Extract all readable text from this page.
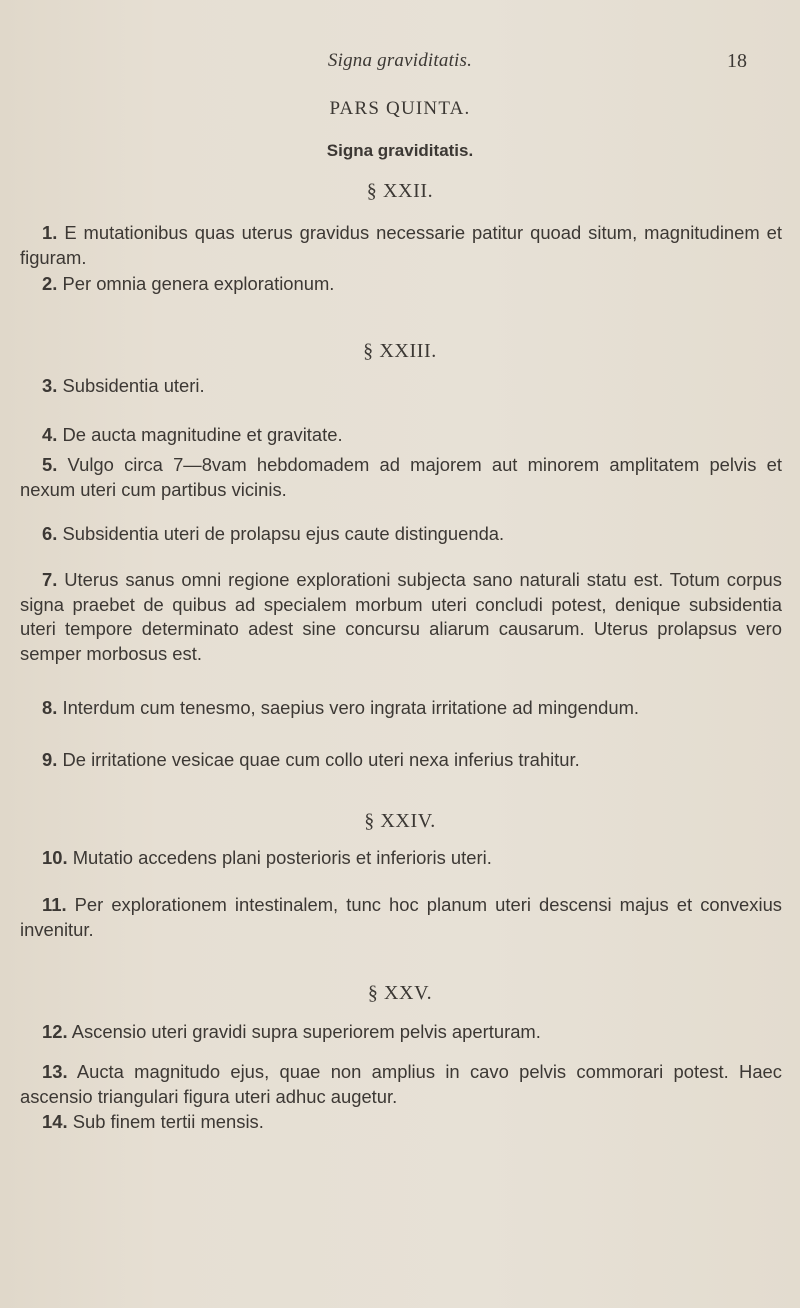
Signa graviditatis.	18
PARS QUINTA.
Signa graviditatis.
§ XXII.
1. E mutationibus quas uterus gravidus necessarie patitur quoad situm, magnitudinem et figuram.
2. Per omnia genera explorationum.
§ XXIII.
3. Subsidentia uteri.
4. De aucta magnitudine et gravitate.
5. Vulgo circa 7—8vam hebdomadem ad majorem aut minorem amplitatem pelvis et nexum uteri cum partibus vicinis.
6. Subsidentia uteri de prolapsu ejus caute distinguenda.
7. Uterus sanus omni regione explorationi subjecta sano naturali statu est. Totum corpus signa praebet de quibus ad specialem morbum uteri concludi potest, denique subsidentia uteri tempore determinato adest sine concursu aliarum causarum. Uterus prolapsus vero semper morbosus est.
8. Interdum cum tenesmo, saepius vero ingrata irritatione ad mingendum.
9. De irritatione vesicae quae cum collo uteri nexa inferius trahitur.
§ XXIV.
10. Mutatio accedens plani posterioris et inferioris uteri.
11. Per explorationem intestinalem, tunc hoc planum uteri descensi majus et convexius invenitur.
§ XXV.
12. Ascensio uteri gravidi supra superiorem pelvis aperturam.
13. Aucta magnitudo ejus, quae non amplius in cavo pelvis commorari potest. Haec ascensio triangulari figura uteri adhuc augetur.
14. Sub finem tertii mensis.
